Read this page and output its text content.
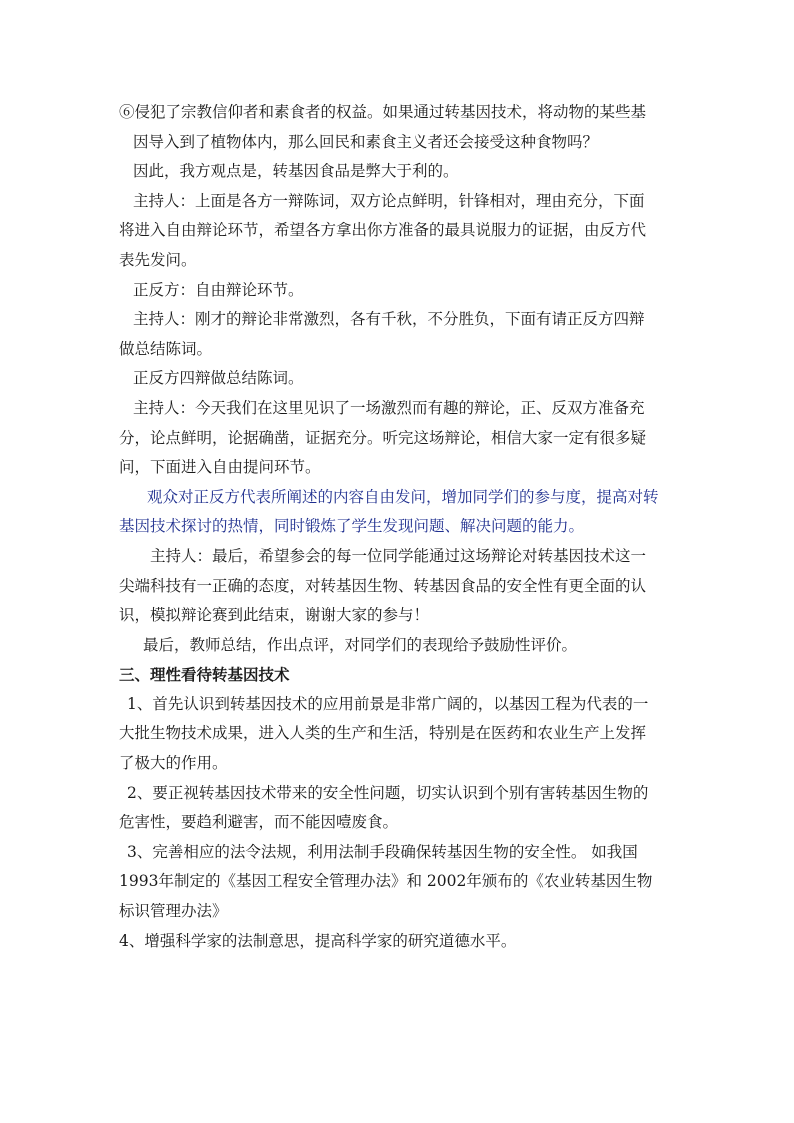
⑥侵犯了宗教信仰者和素食者的权益。如果通过转基因技术，将动物的某些基

因导入到了植物体内，那么回民和素食主义者还会接受这种食物吗？

因此，我方观点是，转基因食品是弊大于利的。

主持人：上面是各方一辩陈词，双方论点鲜明，针锋相对，理由充分，下面

将进入自由辩论环节，希望各方拿出你方准备的最具说服力的证据，由反方代

表先发问。

正反方：自由辩论环节。

主持人：刚才的辩论非常激烈，各有千秋，不分胜负，下面有请正反方四辩

做总结陈词。

正反方四辩做总结陈词。

主持人：今天我们在这里见识了一场激烈而有趣的辩论，正、反双方准备充

分，论点鲜明，论据确凿，证据充分。听完这场辩论，相信大家一定有很多疑

问，下面进入自由提问环节。

观众对正反方代表所阐述的内容自由发问，增加同学们的参与度，提高对转

基因技术探讨的热情，同时锻炼了学生发现问题、解决问题的能力。

主持人：最后，希望参会的每一位同学能通过这场辩论对转基因技术这一

尖端科技有一正确的态度，对转基因生物、转基因食品的安全性有更全面的认

识，模拟辩论赛到此结束，谢谢大家的参与！

最后，教师总结，作出点评，对同学们的表现给予鼓励性评价。

三、理性看待转基因技术

1、首先认识到转基因技术的应用前景是非常广阔的，以基因工程为代表的一

大批生物技术成果，进入人类的生产和生活，特别是在医药和农业生产上发挥

了极大的作用。

2、要正视转基因技术带来的安全性问题，切实认识到个别有害转基因生物的

危害性，要趋利避害，而不能因噎废食。

3、完善相应的法令法规，利用法制手段确保转基因生物的安全性。 如我国

1993年制定的《基因工程安全管理办法》和 2002年颁布的《农业转基因生物

标识管理办法》

4、增强科学家的法制意思，提高科学家的研究道德水平。
